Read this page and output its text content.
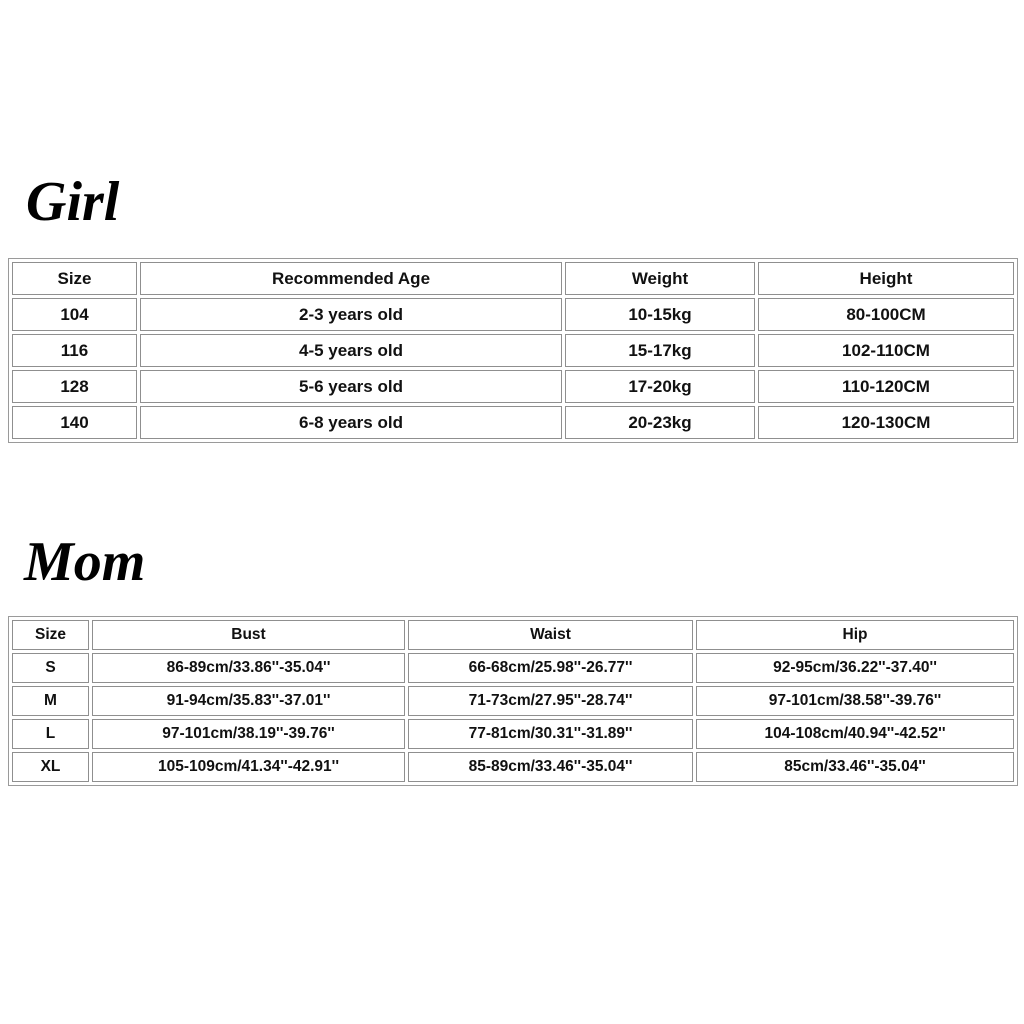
Girl
Size	Recommended Age	Weight	Height
104	2-3 years old	10-15kg	80-100CM
116	4-5 years old	15-17kg	102-110CM
128	5-6 years old	17-20kg	110-120CM
140	6-8 years old	20-23kg	120-130CM
Mom
Size	Bust	Waist	Hip
S	86-89cm/33.86''-35.04''	66-68cm/25.98''-26.77''	92-95cm/36.22''-37.40''
M	91-94cm/35.83''-37.01''	71-73cm/27.95''-28.74''	97-101cm/38.58''-39.76''
L	97-101cm/38.19''-39.76''	77-81cm/30.31''-31.89''	104-108cm/40.94''-42.52''
XL	105-109cm/41.34''-42.91''	85-89cm/33.46''-35.04''	85cm/33.46''-35.04''
